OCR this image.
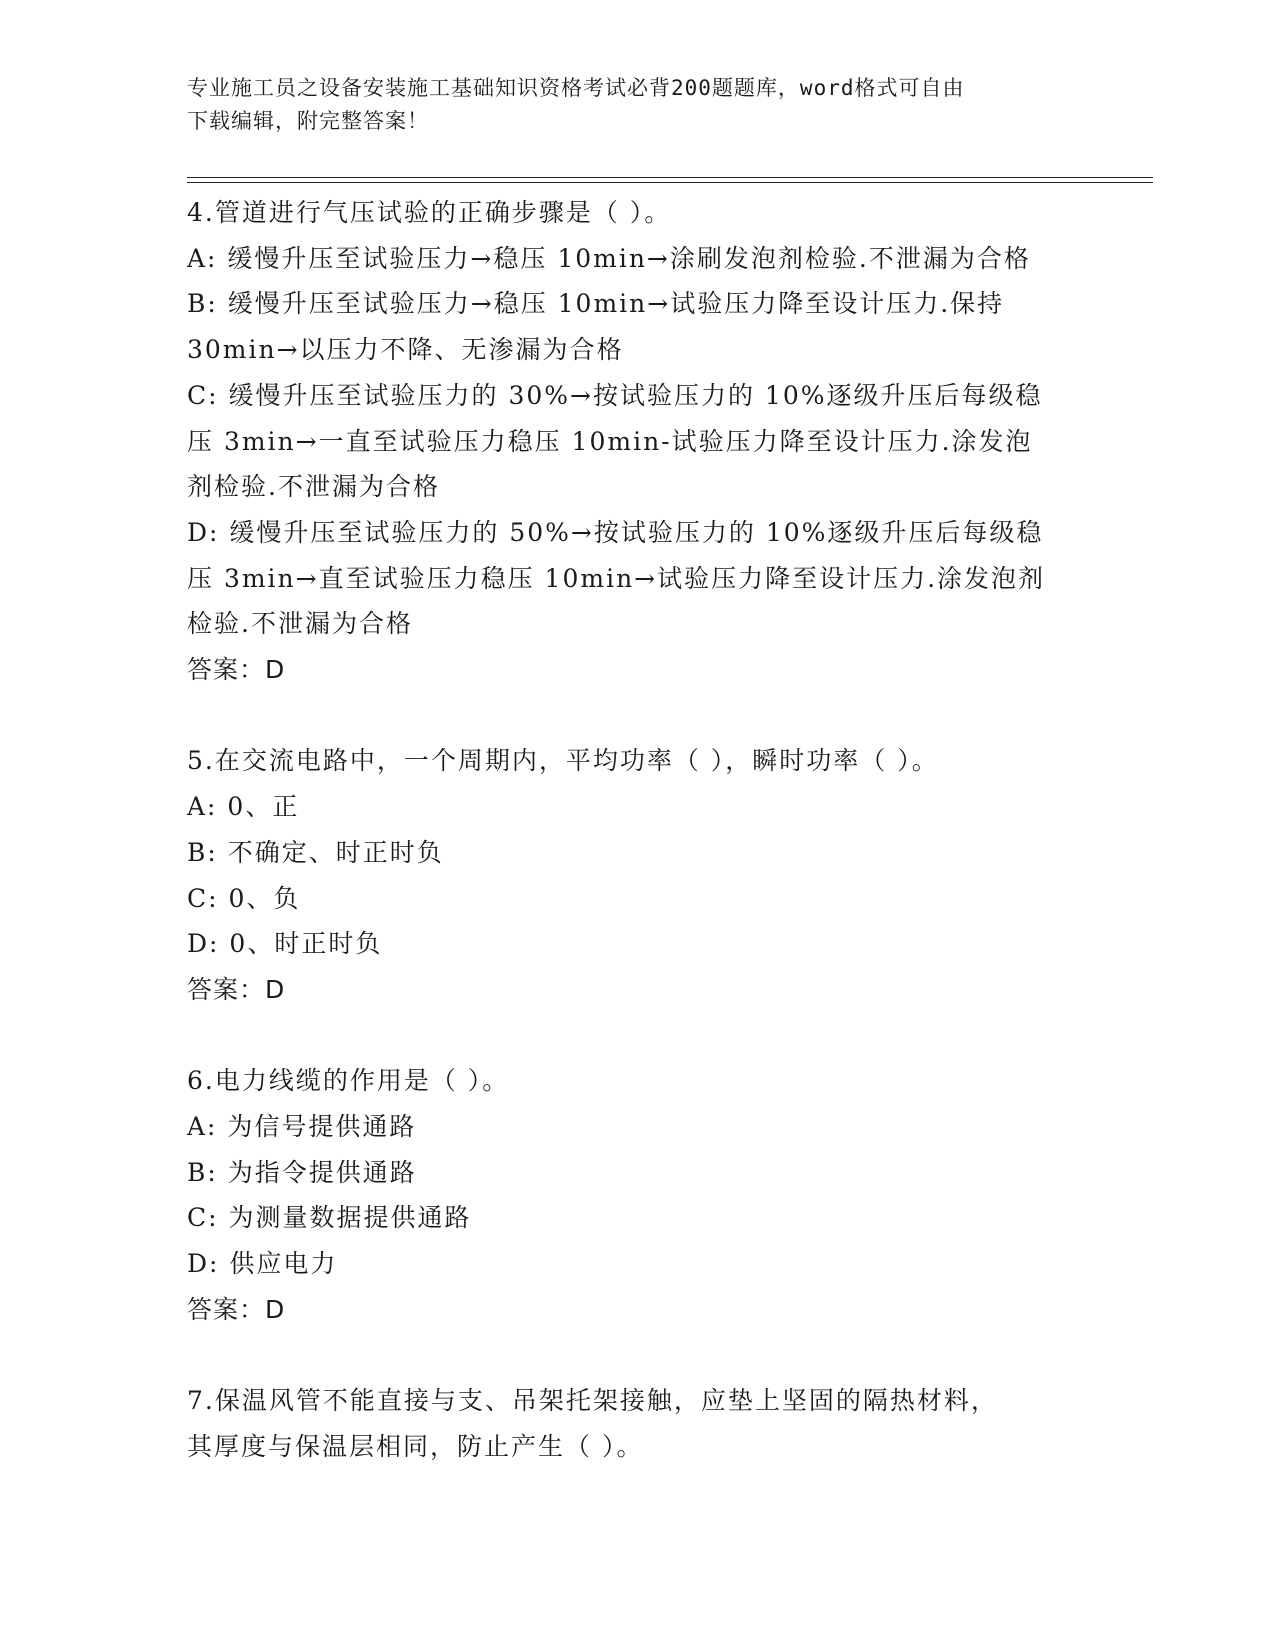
专业施工员之设备安装施工基础知识资格考试必背200题题库，word格式可自由
下载编辑，附完整答案！

4.管道进行气压试验的正确步骤是（ ）。

A: 缓慢升压至试验压力→稳压 10min→涂刷发泡剂检验.不泄漏为合格

B: 缓慢升压至试验压力→稳压 10min→试验压力降至设计压力.保持

30min→以压力不降、无渗漏为合格

C: 缓慢升压至试验压力的 30%→按试验压力的 10%逐级升压后每级稳

压 3min→一直至试验压力稳压 10min-试验压力降至设计压力.涂发泡

剂检验.不泄漏为合格

D: 缓慢升压至试验压力的 50%→按试验压力的 10%逐级升压后每级稳

压 3min→直至试验压力稳压 10min→试验压力降至设计压力.涂发泡剂

检验.不泄漏为合格

答案：D

5.在交流电路中，一个周期内，平均功率（ ），瞬时功率（ ）。

A: 0、正

B: 不确定、时正时负

C: 0、负

D: 0、时正时负

答案：D

6.电力线缆的作用是（ ）。

A: 为信号提供通路

B: 为指令提供通路

C: 为测量数据提供通路

D: 供应电力

答案：D

7.保温风管不能直接与支、吊架托架接触，应垫上坚固的隔热材料，

其厚度与保温层相同，防止产生（ ）。
